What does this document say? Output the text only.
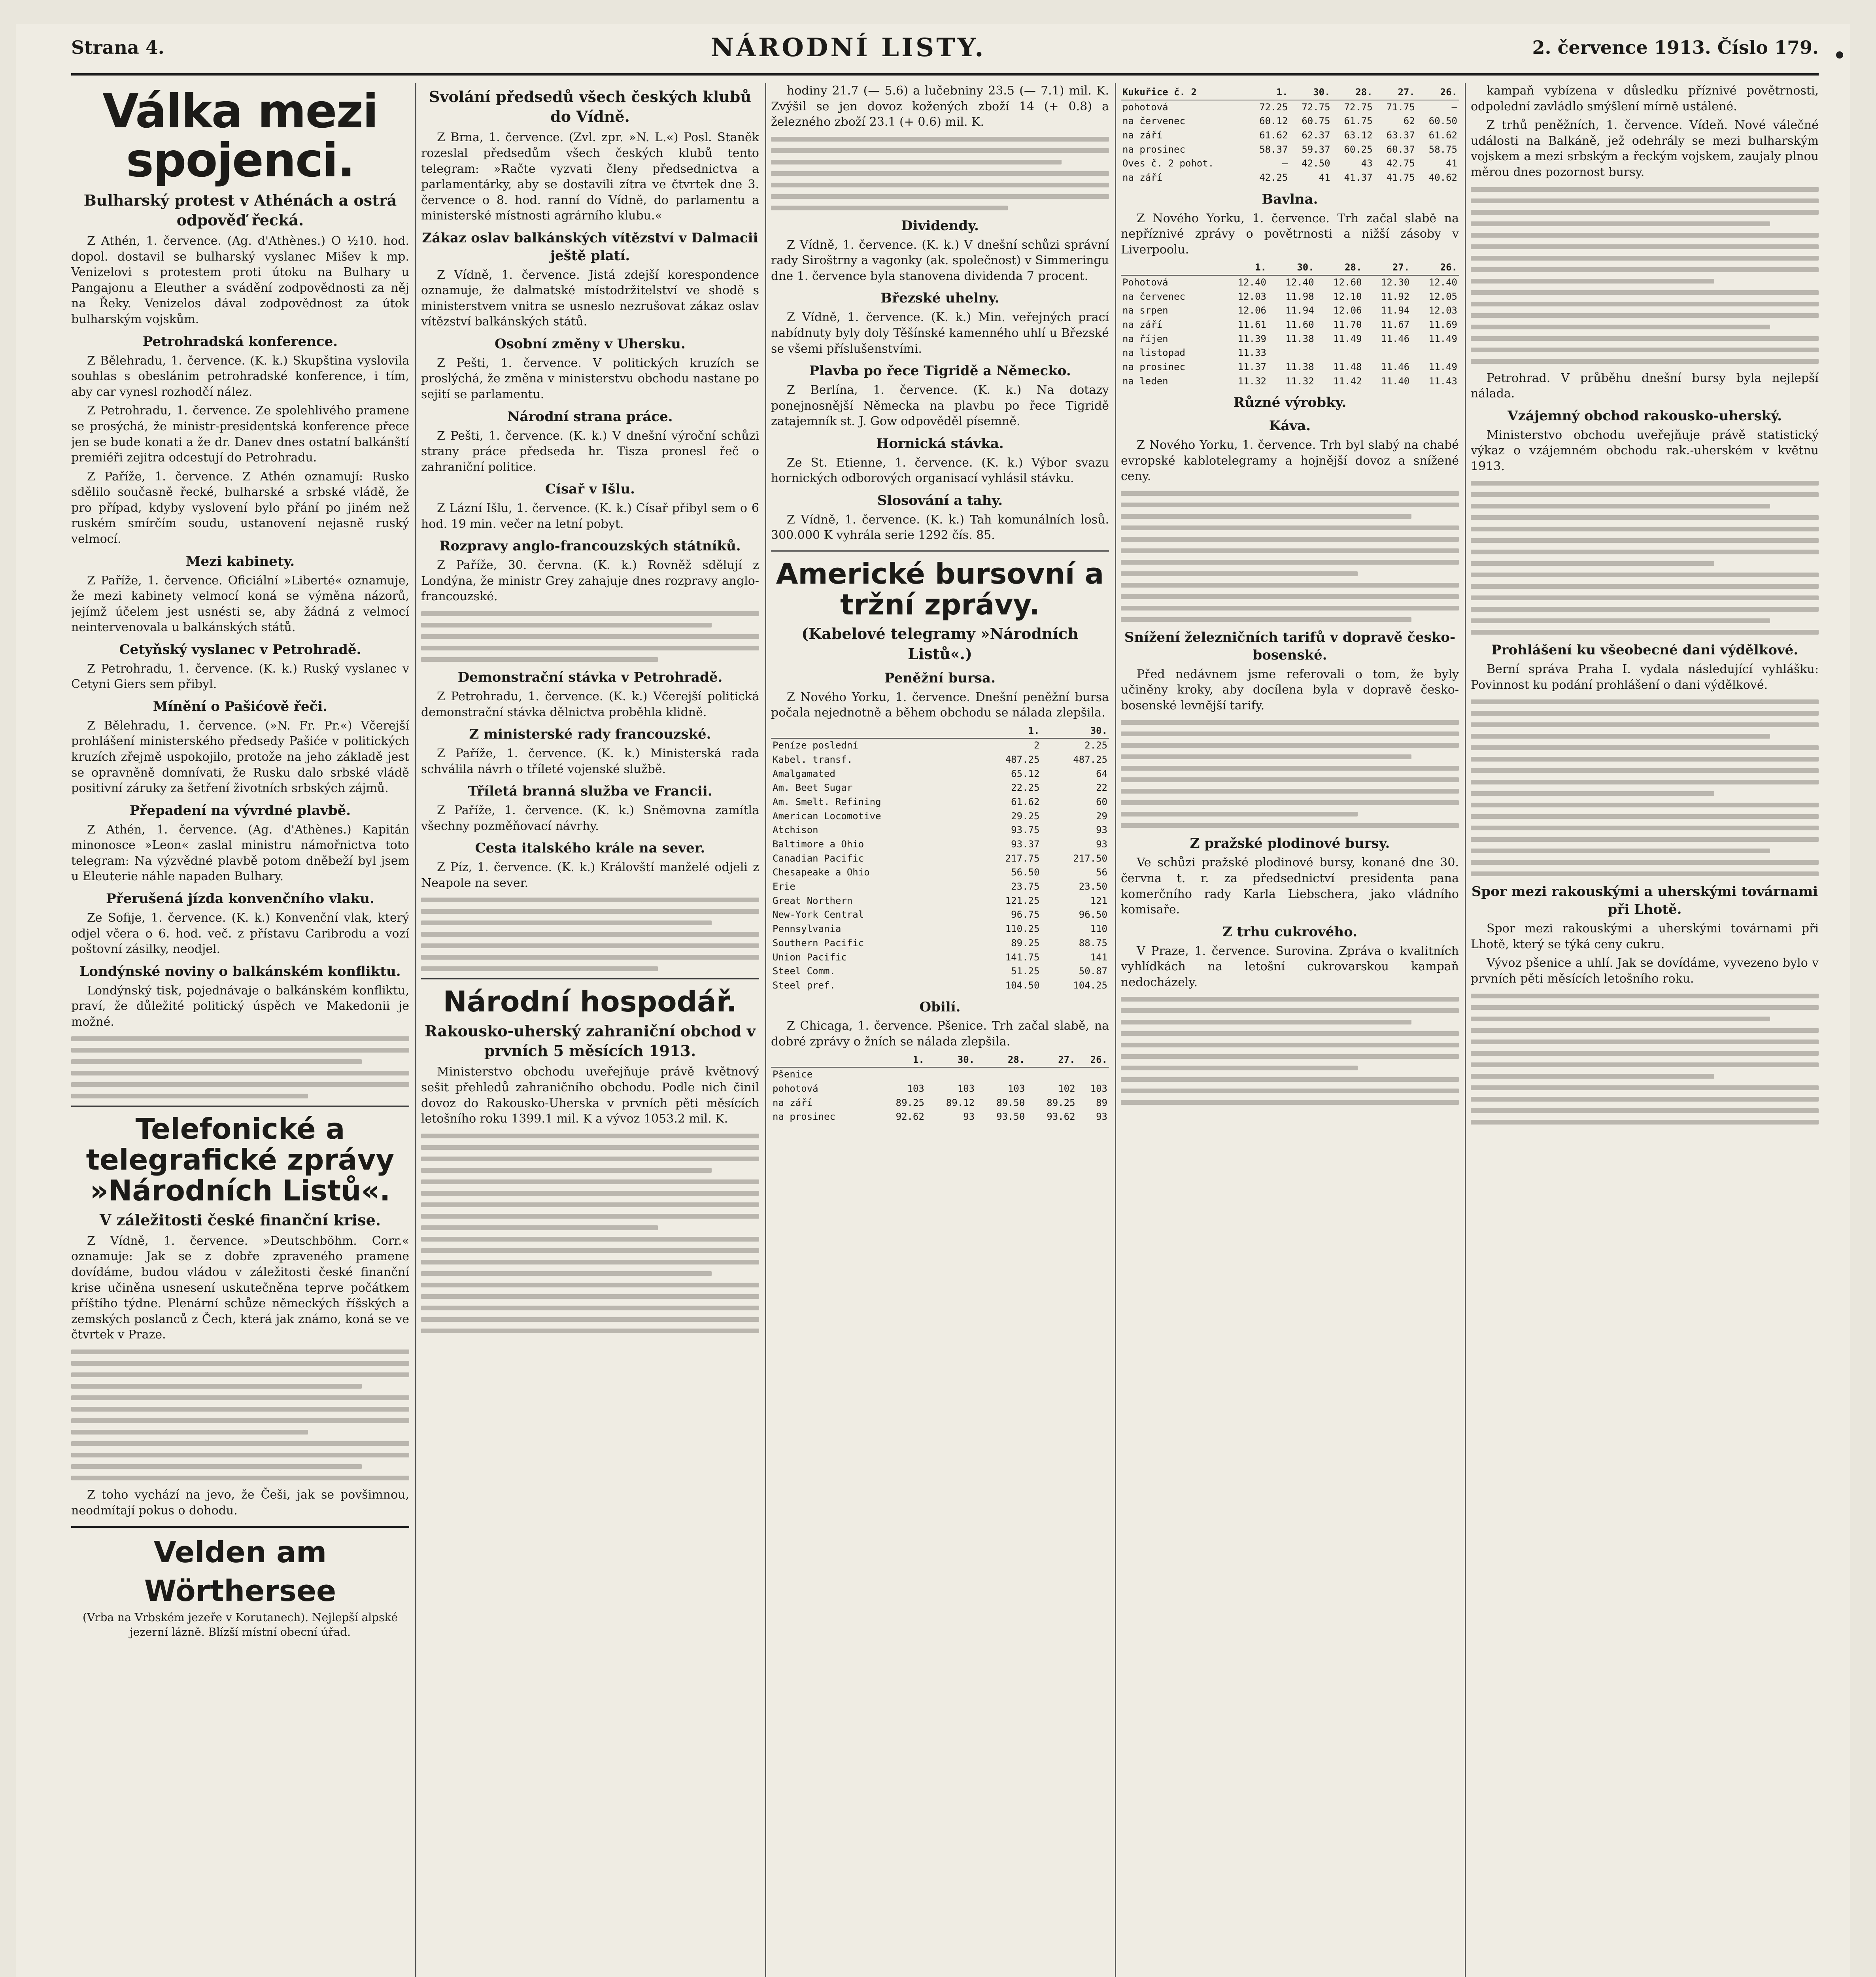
Strana 4.	NÁRODNÍ LISTY.	2. července 1913. Číslo 179.
Válka mezi spojenci.
Bulharský protest v Athénách a ostrá odpověď řecká.

Z Athén, 1. července. (Ag. d'Athènes.) O ½10. hod. dopol. dostavil se bulharský vyslanec Mišev k mp. Venizelovi s protestem proti útoku na Bulhary u Pangajonu a Eleuther a svádění zodpovědnosti za něj na Řeky. Venizelos dával zodpovědnost za útok bulharským vojskům.

Petrohradská konference.

Z Bělehradu, 1. července. (K. k.) Skupština vyslovila souhlas s obeslánim petrohradské konference, i tím, aby car vynesl rozhodčí nález.

Z Petrohradu, 1. července. Ze spolehlivého pramene se prosýchá, že ministr-presidentská konference přece jen se bude konati a že dr. Danev dnes ostatní balkánští premiéři zejitra odcestují do Petrohradu.

Z Paříže, 1. července. Z Athén oznamují: Rusko sdělilo současně řecké, bulharské a srbské vládě, že pro případ, kdyby vyslovení bylo přání po jiném než ruském smírčím soudu, ustanovení nejasně ruský velmocí.

Mezi kabinety.

Z Paříže, 1. července. Oficiální »Liberté« oznamuje, že mezi kabinety velmocí koná se výměna názorů, jejímž účelem jest usnésti se, aby žádná z velmocí neintervenovala u balkánských států.

Cetyňský vyslanec v Petrohradě.

Z Petrohradu, 1. července. (K. k.) Ruský vyslanec v Cetyni Giers sem přibyl.

Mínění o Pašićově řeči.

Z Bělehradu, 1. července. (»N. Fr. Pr.«) Včerejší prohlášení ministerského předsedy Pašiće v politických kruzích zřejmě uspokojilo, protože na jeho základě jest se opravněně domnívati, že Rusku dalo srbské vládě positivní záruky za šetření životních srbských zájmů.

Přepadení na vývrdné plavbě.

Z Athén, 1. července. (Ag. d'Athènes.) Kapitán minonosce »Leon« zaslal ministru námořnictva toto telegram: Na výzvědné plavbě potom dněbeží byl jsem u Eleuterie náhle napaden Bulhary.

Přerušená jízda konvenčního vlaku.

Ze Sofije, 1. července. (K. k.) Konvenční vlak, který odjel včera o 6. hod. več. z přístavu Caribrodu a vozí poštovní zásilky, neodjel.

Londýnské noviny o balkánském konfliktu.

Londýnský tisk, pojednávaje o balkánském konfliktu, praví, že důležité politický úspěch ve Makedonii je možné.

Telefonické a telegrafické zprávy »Národních Listů«.
V záležitosti české finanční krise.

Z Vídně, 1. července. »Deutschböhm. Corr.« oznamuje: Jak se z dobře zpraveného pramene dovídáme, budou vládou v záležitosti české finanční krise učiněna usnesení uskutečněna teprve počátkem příštího týdne. Plenární schůze německých říšských a zemských poslanců z Čech, která jak známo, koná se ve čtvrtek v Praze.

Z toho vychází na jevo, že Češi, jak se povšimnou, neodmítají pokus o dohodu.

Velden am Wörthersee
(Vrba na Vrbském jezeře v Korutanech). Nejlepší alpské jezerní lázně. Blízší místní obecní úřad.
Svolání předsedů všech českých klubů do Vídně.

Z Brna, 1. července. (Zvl. zpr. »N. L.«) Posl. Staněk rozeslal předsedům všech českých klubů tento telegram: »Račte vyzvati členy předsednictva a parlamentárky, aby se dostavili zítra ve čtvrtek dne 3. července o 8. hod. ranní do Vídně, do parlamentu a ministerské místnosti agrárního klubu.«

Zákaz oslav balkánských vítězství v Dalmacii ještě platí.

Z Vídně, 1. července. Jistá zdejší korespondence oznamuje, že dalmatské místodržitelství ve shodě s ministerstvem vnitra se usneslo nezrušovat zákaz oslav vítězství balkánských států.

Osobní změny v Uhersku.

Z Pešti, 1. července. V politických kruzích se proslýchá, že změna v ministerstvu obchodu nastane po sejití se parlamentu.

Národní strana práce.

Z Pešti, 1. července. (K. k.) V dnešní výroční schůzi strany práce předseda hr. Tisza pronesl řeč o zahraniční politice.

Císař v Išlu.

Z Lázní Išlu, 1. července. (K. k.) Císař přibyl sem o 6 hod. 19 min. večer na letní pobyt.

Rozpravy anglo-francouzských státníků.

Z Paříže, 30. června. (K. k.) Rovněž sdělují z Londýna, že ministr Grey zahajuje dnes rozpravy anglo-francouzské.

Demonstrační stávka v Petrohradě.

Z Petrohradu, 1. července. (K. k.) Včerejší politická demonstrační stávka dělnictva proběhla klidně.

Z ministerské rady francouzské.

Z Paříže, 1. července. (K. k.) Ministerská rada schválila návrh o tříleté vojenské službě.

Tříletá branná služba ve Francii.

Z Paříže, 1. července. (K. k.) Sněmovna zamítla všechny pozměňovací návrhy.

Cesta italského krále na sever.

Z Píz, 1. července. (K. k.) Královští manželé odjeli z Neapole na sever.

Národní hospodář.
Rakousko-uherský zahraniční obchod v prvních 5 měsících 1913.

Ministerstvo obchodu uveřejňuje právě květnový sešit přehledů zahraničního obchodu. Podle nich činil dovoz do Rakousko-Uherska v prvních pěti měsících letošního roku 1399.1 mil. K a vývoz 1053.2 mil. K.

hodiny 21.7 (— 5.6) a lučebniny 23.5 (— 7.1) mil. K. Zvýšil se jen dovoz kožených zboží 14 (+ 0.8) a železného zboží 23.1 (+ 0.6) mil. K.

Dividendy.

Z Vídně, 1. července. (K. k.) V dnešní schůzi správní rady Siroštrny a vagonky (ak. společnost) v Simmeringu dne 1. července byla stanovena dividenda 7 procent.

Březské uhelny.

Z Vídně, 1. července. (K. k.) Min. veřejných prací nabídnuty byly doly Těšínské kamenného uhlí u Březské se všemi příslušenstvími.

Plavba po řece Tigridě a Německo.

Z Berlína, 1. července. (K. k.) Na dotazy ponejnosnější Německa na plavbu po řece Tigridě zatajemník st. J. Gow odpověděl písemně.

Hornická stávka.

Ze St. Etienne, 1. července. (K. k.) Výbor svazu hornických odborových organisací vyhlásil stávku.

Slosování a tahy.

Z Vídně, 1. července. (K. k.) Tah komunálních losů. 300.000 K vyhrála serie 1292 čís. 85.

Americké bursovní a tržní zprávy.
(Kabelové telegramy »Národních Listů«.)
Peněžní bursa.

Z Nového Yorku, 1. července. Dnešní peněžní bursa počala nejednotně a během obchodu se nálada zlepšila.

	1.	30.
Peníze poslední	2	2.25
Kabel. transf.	487.25	487.25
Amalgamated	65.12	64
Am. Beet Sugar	22.25	22
Am. Smelt. Refining	61.62	60
American Locomotive	29.25	29
Atchison	93.75	93
Baltimore a Ohio	93.37	93
Canadian Pacific	217.75	217.50
Chesapeake a Ohio	56.50	56
Erie	23.75	23.50
Great Northern	121.25	121
New-York Central	96.75	96.50
Pennsylvania	110.25	110
Southern Pacific	89.25	88.75
Union Pacific	141.75	141
Steel Comm.	51.25	50.87
Steel pref.	104.50	104.25
Obilí.

Z Chicaga, 1. července. Pšenice. Trh začal slabě, na dobré zprávy o žních se nálada zlepšila.

	1.	30.	28.	27.	26.
Pšenice					
pohotová	103	103	103	102	103
na září	89.25	89.12	89.50	89.25	89
na prosinec	92.62	93	93.50	93.62	93
Kukuřice č. 2	1.	30.	28.	27.	26.
pohotová	72.25	72.75	72.75	71.75	—
na červenec	60.12	60.75	61.75	62	60.50
na září	61.62	62.37	63.12	63.37	61.62
na prosinec	58.37	59.37	60.25	60.37	58.75
Oves č. 2 pohot.	—	42.50	43	42.75	41
na září	42.25	41	41.37	41.75	40.62
Bavlna.

Z Nového Yorku, 1. července. Trh začal slabě na nepříznivé zprávy o povětrnosti a nižší zásoby v Liverpoolu.

	1.	30.	28.	27.	26.
Pohotová	12.40	12.40	12.60	12.30	12.40
na červenec	12.03	11.98	12.10	11.92	12.05
na srpen	12.06	11.94	12.06	11.94	12.03
na září	11.61	11.60	11.70	11.67	11.69
na říjen	11.39	11.38	11.49	11.46	11.49
na listopad	11.33				
na prosinec	11.37	11.38	11.48	11.46	11.49
na leden	11.32	11.32	11.42	11.40	11.43
Různé výrobky.
Káva.

Z Nového Yorku, 1. července. Trh byl slabý na chabé evropské kablotelegramy a hojnější dovoz a snížené ceny.

Snížení železničních tarifů v dopravě česko-bosenské.

Před nedávnem jsme referovali o tom, že byly učiněny kroky, aby docílena byla v dopravě česko-bosenské levnější tarify.

Z pražské plodinové bursy.

Ve schůzi pražské plodinové bursy, konané dne 30. června t. r. za předsednictví presidenta pana komerčního rady Karla Liebschera, jako vládního komisaře.

Z trhu cukrového.

V Praze, 1. července. Surovina. Zpráva o kvalitních vyhlídkách na letošní cukrovarskou kampaň nedocházely.

kampaň vybízena v důsledku příznivé povětrnosti, odpolední zavládlo smýšlení mírně ustálené.

Z trhů peněžních, 1. července. Vídeň. Nové válečné události na Balkáně, jež odehrály se mezi bulharským vojskem a mezi srbským a řeckým vojskem, zaujaly plnou měrou dnes pozornost bursy.

Petrohrad. V průběhu dnešní bursy byla nejlepší nálada.

Vzájemný obchod rakousko-uherský.

Ministerstvo obchodu uveřejňuje právě statistický výkaz o vzájemném obchodu rak.-uherském v květnu 1913.

Prohlášení ku všeobecné dani výdělkové.

Berní správa Praha I. vydala následující vyhlášku: Povinnost ku podání prohlášení o dani výdělkové.

Spor mezi rakouskými a uherskými továrnami při Lhotě.

Spor mezi rakouskými a uherskými továrnami při Lhotě, který se týká ceny cukru.

Vývoz pšenice a uhlí. Jak se dovídáme, vyvezeno bylo v prvních pěti měsících letošního roku.
